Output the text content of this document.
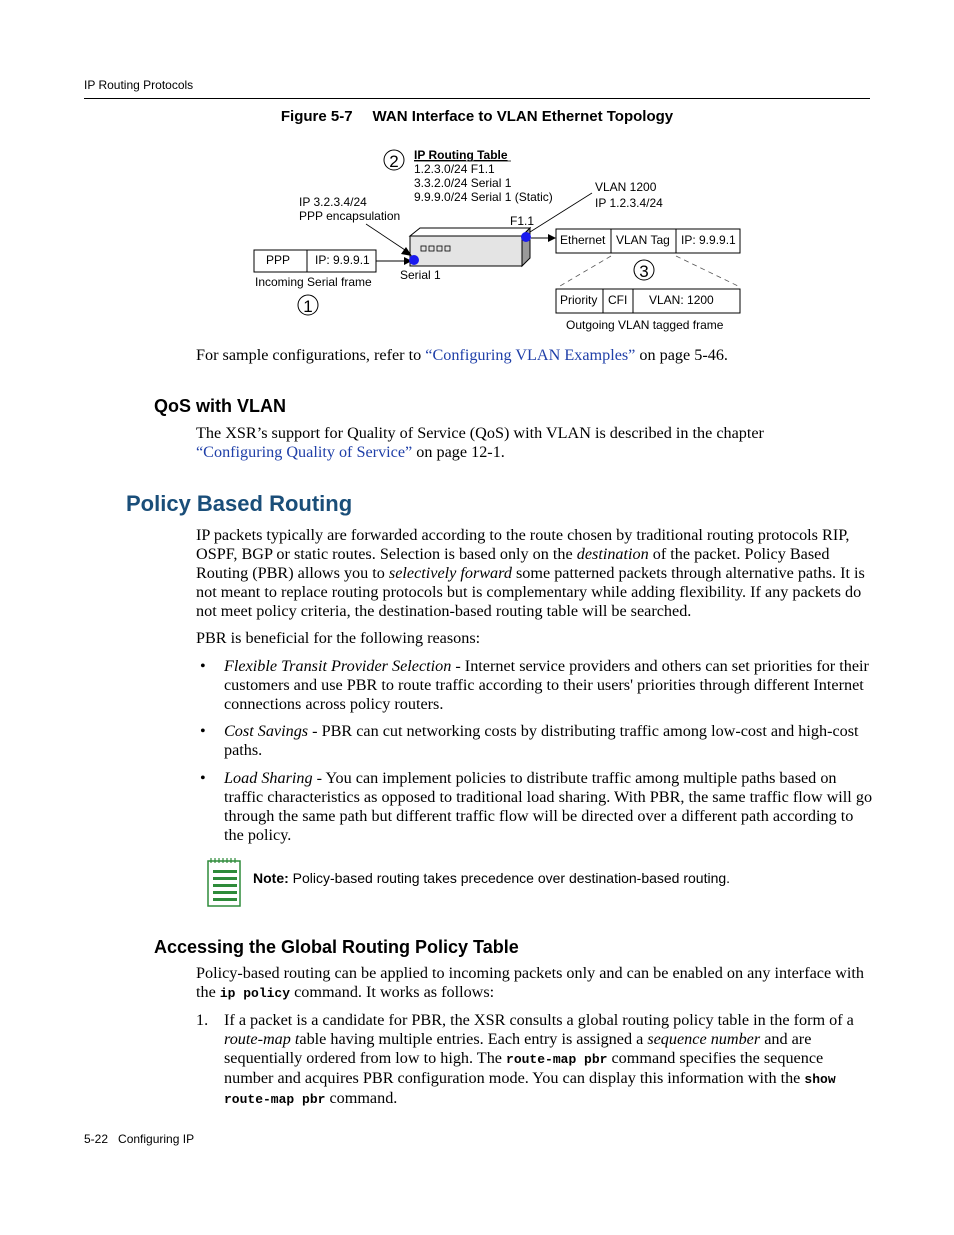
IP Routing Protocols
Figure 5-7 WAN Interface to VLAN Ethernet Topology
2
1
3
IP Routing Table
1.2.3.0/24 F1.1
3.3.2.0/24 Serial 1
9.9.9.0/24 Serial 1 (Static)
IP 3.2.3.4/24
PPP encapsulation
Serial 1
VLAN 1200
IP 1.2.3.4/24
F1.1
PPP IP: 9.9.9.1
Incoming Serial frame
Ethernet VLAN Tag IP: 9.9.9.1
Priority CFI VLAN: 1200
Outgoing VLAN tagged frame
For sample configurations, refer to “Configuring VLAN Examples” on page 5-46.
QoS with VLAN
The XSR’s support for Quality of Service (QoS) with VLAN is described in the chapter
“Configuring Quality of Service” on page 12-1.
Policy Based Routing
IP packets typically are forwarded according to the route chosen by traditional routing protocols RIP, OSPF, BGP or static routes. Selection is based only on the destination of the packet. Policy Based Routing (PBR) allows you to selectively forward some patterned packets through alternative paths. It is not meant to replace routing protocols but is complementary while adding flexibility. If any packets do not meet policy criteria, the destination-based routing table will be searched.
PBR is beneficial for the following reasons:
• Flexible Transit Provider Selection - Internet service providers and others can set priorities for their customers and use PBR to route traffic according to their users' priorities through different Internet connections across policy routers.
• Cost Savings - PBR can cut networking costs by distributing traffic among low-cost and high-cost paths.
• Load Sharing - You can implement policies to distribute traffic among multiple paths based on traffic characteristics as opposed to traditional load sharing. With PBR, the same traffic flow will go through the same path but different traffic flow will be directed over a different path according to the policy.
Note: Policy-based routing takes precedence over destination-based routing.
Accessing the Global Routing Policy Table
Policy-based routing can be applied to incoming packets only and can be enabled on any interface with the ip policy command. It works as follows:
1. If a packet is a candidate for PBR, the XSR consults a global routing policy table in the form of a route-map table having multiple entries. Each entry is assigned a sequence number and are sequentially ordered from low to high. The route-map pbr command specifies the sequence number and acquires PBR configuration mode. You can display this information with the show route-map pbr command.
5-22 Configuring IP
